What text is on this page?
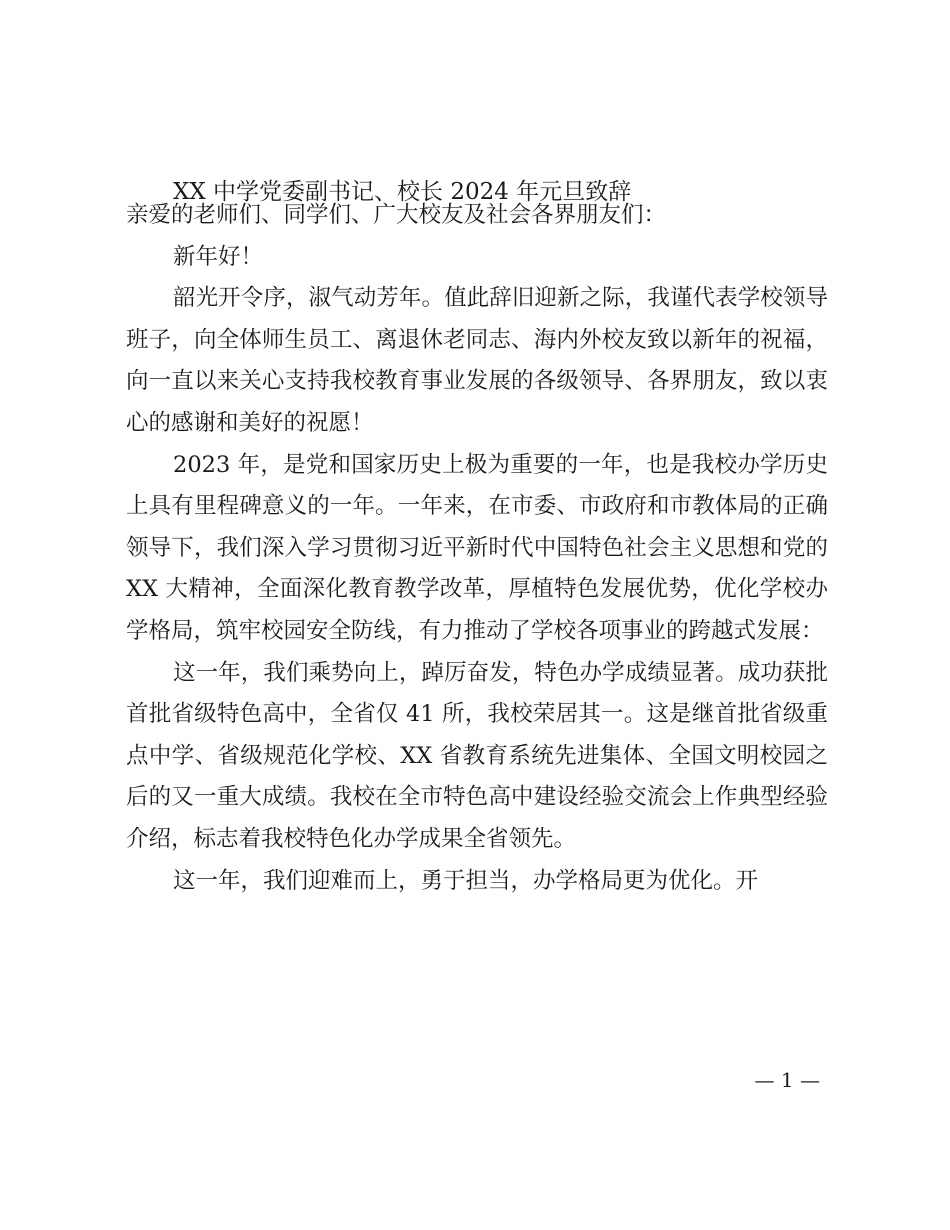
XX 中学党委副书记、校长 2024 年元旦致辞

亲爱的老师们、同学们、广大校友及社会各界朋友们：

新年好！

韶光开令序，淑气动芳年。值此辞旧迎新之际，我谨代表学校领导班子，向全体师生员工、离退休老同志、海内外校友致以新年的祝福，向一直以来关心支持我校教育事业发展的各级领导、各界朋友，致以衷心的感谢和美好的祝愿！

2023 年，是党和国家历史上极为重要的一年，也是我校办学历史上具有里程碑意义的一年。一年来，在市委、市政府和市教体局的正确领导下，我们深入学习贯彻习近平新时代中国特色社会主义思想和党的 XX 大精神，全面深化教育教学改革，厚植特色发展优势，优化学校办学格局，筑牢校园安全防线，有力推动了学校各项事业的跨越式发展：

这一年，我们乘势向上，踔厉奋发，特色办学成绩显著。成功获批首批省级特色高中，全省仅 41 所，我校荣居其一。这是继首批省级重点中学、省级规范化学校、XX 省教育系统先进集体、全国文明校园之后的又一重大成绩。我校在全市特色高中建设经验交流会上作典型经验介绍，标志着我校特色化办学成果全省领先。

这一年，我们迎难而上，勇于担当，办学格局更为优化。开

— 1 —
